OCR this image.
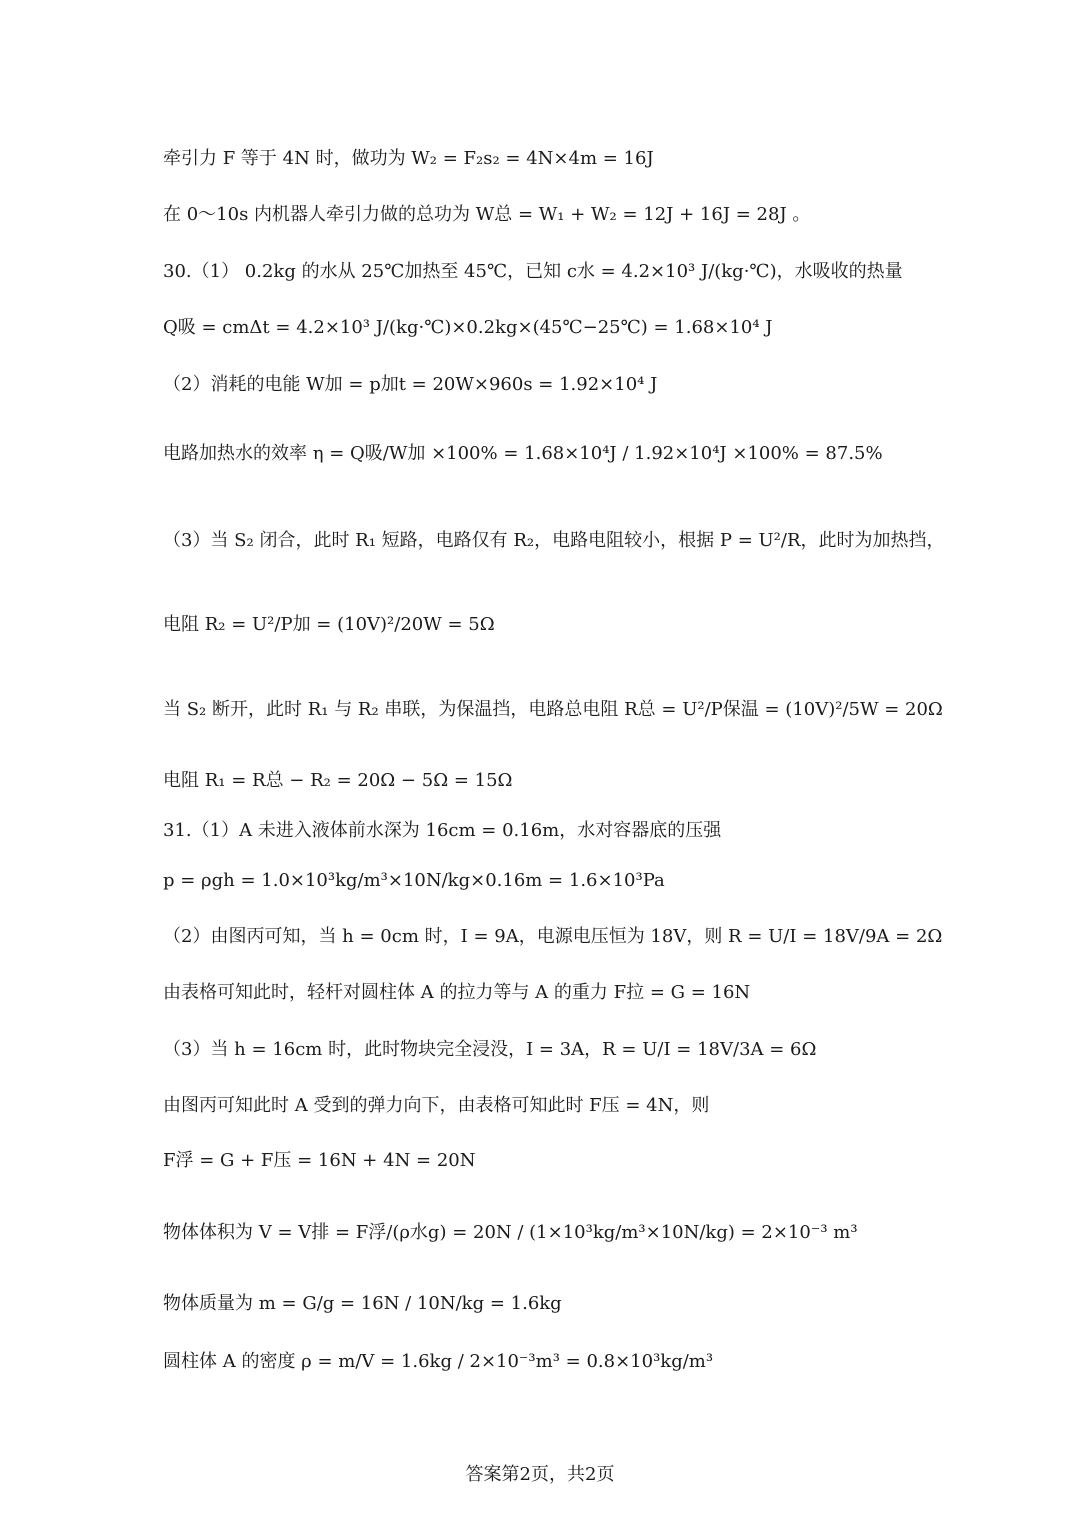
牵引力 F 等于 4N 时，做功为 W₂ = F₂s₂ = 4N×4m = 16J
在 0～10s 内机器人牵引力做的总功为 W总 = W₁ + W₂ = 12J + 16J = 28J 。
30.（1） 0.2kg 的水从 25℃加热至 45℃，已知 c水 = 4.2×10³ J/(kg·℃)，水吸收的热量
Q吸 = cmΔt = 4.2×10³ J/(kg·℃)×0.2kg×(45℃−25℃) = 1.68×10⁴ J
（2）消耗的电能 W加 = p加t = 20W×960s = 1.92×10⁴ J
电路加热水的效率 η = Q吸/W加 ×100% = 1.68×10⁴J / 1.92×10⁴J ×100% = 87.5%
（3）当 S₂ 闭合，此时 R₁ 短路，电路仅有 R₂，电路电阻较小，根据 P = U²/R，此时为加热挡，
电阻 R₂ = U²/P加 = (10V)²/20W = 5Ω
当 S₂ 断开，此时 R₁ 与 R₂ 串联，为保温挡，电路总电阻 R总 = U²/P保温 = (10V)²/5W = 20Ω
电阻 R₁ = R总 − R₂ = 20Ω − 5Ω = 15Ω
31.（1）A 未进入液体前水深为 16cm = 0.16m，水对容器底的压强
p = ρgh = 1.0×10³kg/m³×10N/kg×0.16m = 1.6×10³Pa
（2）由图丙可知，当 h = 0cm 时，I = 9A，电源电压恒为 18V，则 R = U/I = 18V/9A = 2Ω
由表格可知此时，轻杆对圆柱体 A 的拉力等与 A 的重力 F拉 = G = 16N
（3）当 h = 16cm 时，此时物块完全浸没，I = 3A，R = U/I = 18V/3A = 6Ω
由图丙可知此时 A 受到的弹力向下，由表格可知此时 F压 = 4N，则
F浮 = G + F压 = 16N + 4N = 20N
物体体积为 V = V排 = F浮/(ρ水g) = 20N / (1×10³kg/m³×10N/kg) = 2×10⁻³ m³
物体质量为 m = G/g = 16N / 10N/kg = 1.6kg
圆柱体 A 的密度 ρ = m/V = 1.6kg / 2×10⁻³m³ = 0.8×10³kg/m³
答案第2页，共2页
